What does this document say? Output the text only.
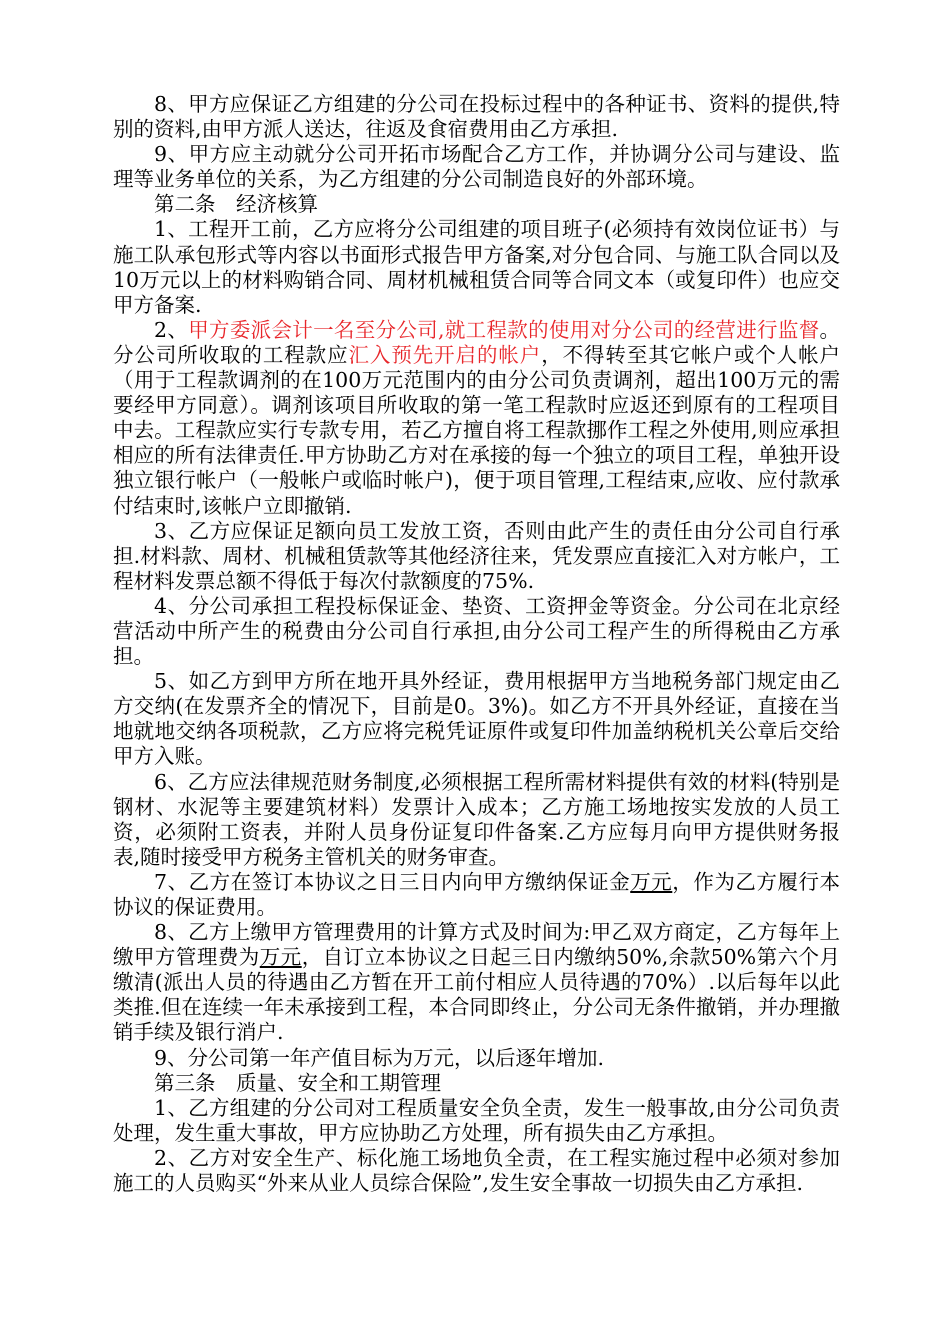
8、甲方应保证乙方组建的分公司在投标过程中的各种证书、资料的提供,特别的资料,由甲方派人送达，往返及食宿费用由乙方承担.

9、甲方应主动就分公司开拓市场配合乙方工作，并协调分公司与建设、监理等业务单位的关系，为乙方组建的分公司制造良好的外部环境。

第二条　经济核算

1、工程开工前，乙方应将分公司组建的项目班子(必须持有效岗位证书）与施工队承包形式等内容以书面形式报告甲方备案,对分包合同、与施工队合同以及10万元以上的材料购销合同、周材机械租赁合同等合同文本（或复印件）也应交甲方备案.

2、甲方委派会计一名至分公司,就工程款的使用对分公司的经营进行监督。分公司所收取的工程款应汇入预先开启的帐户，不得转至其它帐户或个人帐户（用于工程款调剂的在100万元范围内的由分公司负责调剂，超出100万元的需要经甲方同意）。调剂该项目所收取的第一笔工程款时应返还到原有的工程项目中去。工程款应实行专款专用，若乙方擅自将工程款挪作工程之外使用,则应承担相应的所有法律责任.甲方协助乙方对在承接的每一个独立的项目工程，单独开设独立银行帐户（一般帐户或临时帐户)，便于项目管理,工程结束,应收、应付款承付结束时,该帐户立即撤销.

3、乙方应保证足额向员工发放工资，否则由此产生的责任由分公司自行承担.材料款、周材、机械租赁款等其他经济往来，凭发票应直接汇入对方帐户，工程材料发票总额不得低于每次付款额度的75%.

4、分公司承担工程投标保证金、垫资、工资押金等资金。分公司在北京经营活动中所产生的税费由分公司自行承担,由分公司工程产生的所得税由乙方承担。

5、如乙方到甲方所在地开具外经证，费用根据甲方当地税务部门规定由乙方交纳(在发票齐全的情况下，目前是0。3%)。如乙方不开具外经证，直接在当地就地交纳各项税款，乙方应将完税凭证原件或复印件加盖纳税机关公章后交给甲方入账。

6、乙方应法律规范财务制度,必须根据工程所需材料提供有效的材料(特别是钢材、水泥等主要建筑材料）发票计入成本；乙方施工场地按实发放的人员工资，必须附工资表，并附人员身份证复印件备案.乙方应每月向甲方提供财务报表,随时接受甲方税务主管机关的财务审查。

7、乙方在签订本协议之日三日内向甲方缴纳保证金万元，作为乙方履行本协议的保证费用。

8、乙方上缴甲方管理费用的计算方式及时间为:甲乙双方商定，乙方每年上缴甲方管理费为万元，自订立本协议之日起三日内缴纳50%,余款50%第六个月缴清(派出人员的待遇由乙方暂在开工前付相应人员待遇的70%）.以后每年以此类推.但在连续一年未承接到工程，本合同即终止，分公司无条件撤销，并办理撤销手续及银行消户.

9、分公司第一年产值目标为万元，以后逐年增加.

第三条　质量、安全和工期管理

1、乙方组建的分公司对工程质量安全负全责，发生一般事故,由分公司负责处理，发生重大事故，甲方应协助乙方处理，所有损失由乙方承担。

2、乙方对安全生产、标化施工场地负全责，在工程实施过程中必须对参加施工的人员购买“外来从业人员综合保险”,发生安全事故一切损失由乙方承担.
